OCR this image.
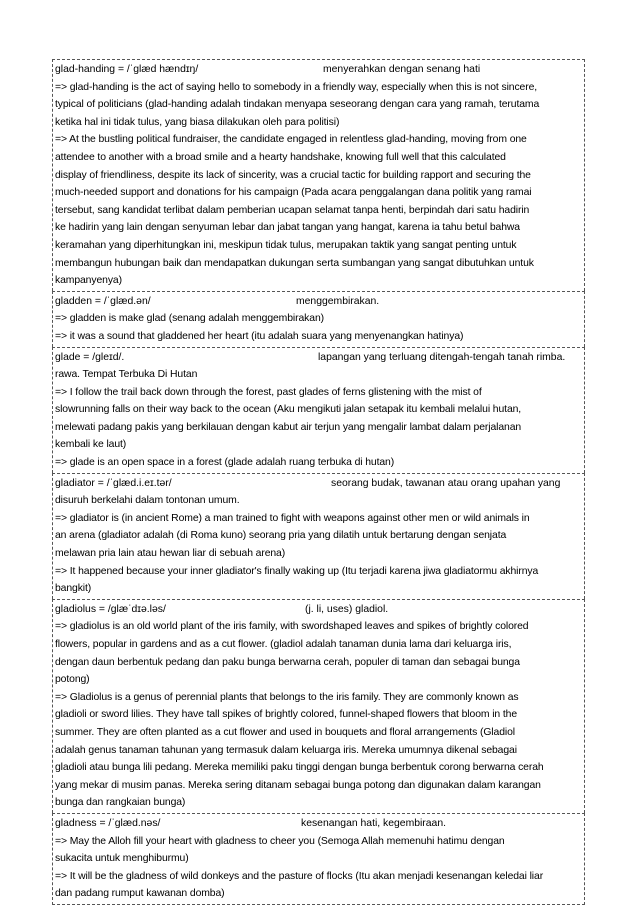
glad-handing = /ˈɡlæd hændɪŋ/	menyerahkan dengan senang hati
=> glad-handing is the act of saying hello to somebody in a friendly way, especially when this is not sincere,
typical of politicians (glad-handing adalah tindakan menyapa seseorang dengan cara yang ramah, terutama
ketika hal ini tidak tulus, yang biasa dilakukan oleh para politisi)
=> At the bustling political fundraiser, the candidate engaged in relentless glad-handing, moving from one
attendee to another with a broad smile and a hearty handshake, knowing full well that this calculated
display of friendliness, despite its lack of sincerity, was a crucial tactic for building rapport and securing the
much-needed support and donations for his campaign (Pada acara penggalangan dana politik yang ramai
tersebut, sang kandidat terlibat dalam pemberian ucapan selamat tanpa henti, berpindah dari satu hadirin
ke hadirin yang lain dengan senyuman lebar dan jabat tangan yang hangat, karena ia tahu betul bahwa
keramahan yang diperhitungkan ini, meskipun tidak tulus, merupakan taktik yang sangat penting untuk
membangun hubungan baik dan mendapatkan dukungan serta sumbangan yang sangat dibutuhkan untuk
kampanyenya)
gladden = /ˈɡlæd.ən/	menggembirakan.
=> gladden is make glad (senang adalah menggembirakan)
=> it was a sound that gladdened her heart (itu adalah suara yang menyenangkan hatinya)
glade = /gleɪd/.	lapangan yang terluang ditengah-tengah tanah rimba.
rawa. Tempat Terbuka Di Hutan
=> I follow the trail back down through the forest, past glades of ferns glistening with the mist of
slowrunning falls on their way back to the ocean (Aku mengikuti jalan setapak itu kembali melalui hutan,
melewati padang pakis yang berkilauan dengan kabut air terjun yang mengalir lambat dalam perjalanan
kembali ke laut)
=> glade is an open space in a forest (glade adalah ruang terbuka di hutan)
gladiator = /ˈɡlæd.i.eɪ.tər/	seorang budak, tawanan atau orang upahan yang
disuruh berkelahi dalam tontonan umum.
=> gladiator is (in ancient Rome) a man trained to fight with weapons against other men or wild animals in
an arena (gladiator adalah (di Roma kuno) seorang pria yang dilatih untuk bertarung dengan senjata
melawan pria lain atau hewan liar di sebuah arena)
=> It happened because your inner gladiator's finally waking up (Itu terjadi karena jiwa gladiatormu akhirnya
bangkit)
gladiolus = /ɡlæˈdɪə.ləs/	(j. li, uses) gladiol.
=> gladiolus is an old world plant of the iris family, with swordshaped leaves and spikes of brightly colored
flowers, popular in gardens and as a cut flower. (gladiol adalah tanaman dunia lama dari keluarga iris,
dengan daun berbentuk pedang dan paku bunga berwarna cerah, populer di taman dan sebagai bunga
potong)
=> Gladiolus is a genus of perennial plants that belongs to the iris family. They are commonly known as
gladioli or sword lilies. They have tall spikes of brightly colored, funnel-shaped flowers that bloom in the
summer. They are often planted as a cut flower and used in bouquets and floral arrangements (Gladiol
adalah genus tanaman tahunan yang termasuk dalam keluarga iris. Mereka umumnya dikenal sebagai
gladioli atau bunga lili pedang. Mereka memiliki paku tinggi dengan bunga berbentuk corong berwarna cerah
yang mekar di musim panas. Mereka sering ditanam sebagai bunga potong dan digunakan dalam karangan
bunga dan rangkaian bunga)
gladness = /ˈɡlæd.nəs/	kesenangan hati, kegembiraan.
=> May the Alloh fill your heart with gladness to cheer you (Semoga Allah memenuhi hatimu dengan
sukacita untuk menghiburmu)
=> It will be the gladness of wild donkeys and the pasture of flocks (Itu akan menjadi kesenangan keledai liar
dan padang rumput kawanan domba)
